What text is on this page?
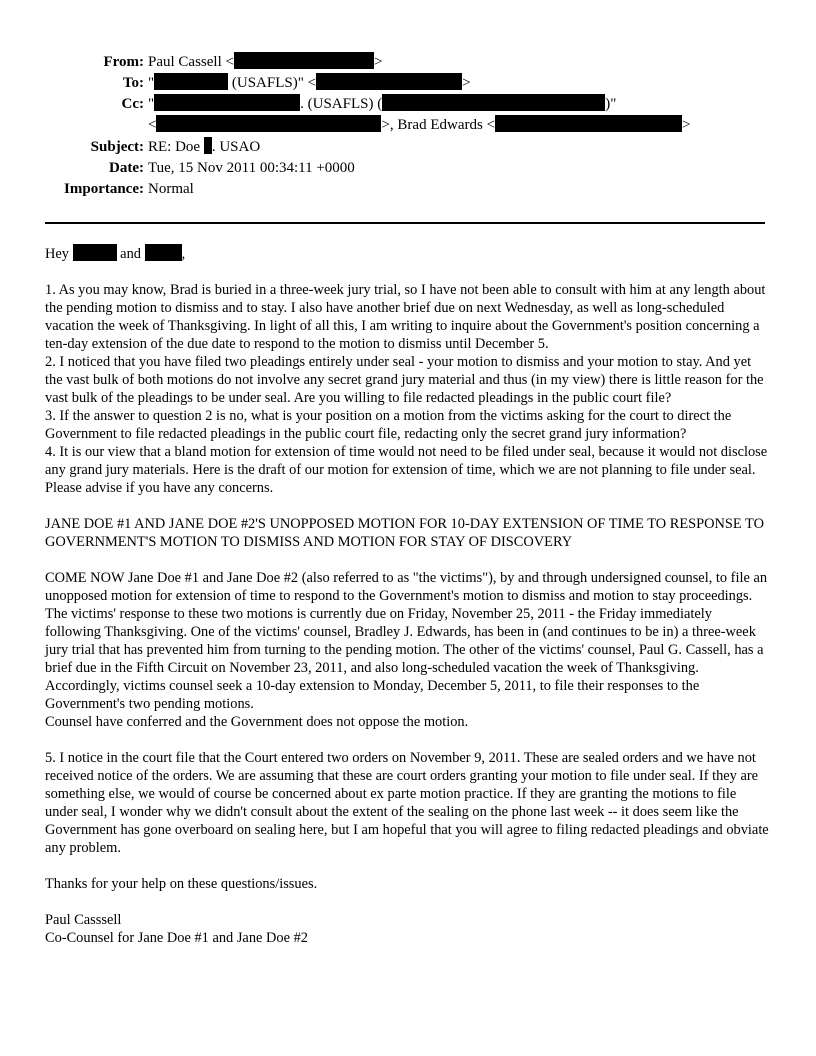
From: Paul Cassell <	>
To: "	(USAFLS)" <	>
Cc: "	. (USAFLS) (	)"
<	>, Brad Edwards <	>
Subject: RE: Doe . USAO
Date: Tue, 15 Nov 2011 00:34:11 +0000
Importance: Normal

Hey	and	,

1. As you may know, Brad is buried in a three-week jury trial, so I have not been able to consult with him at any length about the pending motion to dismiss and to stay. I also have another brief due on next Wednesday, as well as long-scheduled vacation the week of Thanksgiving. In light of all this, I am writing to inquire about the Government's position concerning a ten-day extension of the due date to respond to the motion to dismiss until December 5.

2. I noticed that you have filed two pleadings entirely under seal - your motion to dismiss and your motion to stay. And yet the vast bulk of both motions do not involve any secret grand jury material and thus (in my view) there is little reason for the vast bulk of the pleadings to be under seal. Are you willing to file redacted pleadings in the public court file?

3. If the answer to question 2 is no, what is your position on a motion from the victims asking for the court to direct the Government to file redacted pleadings in the public court file, redacting only the secret grand jury information?

4. It is our view that a bland motion for extension of time would not need to be filed under seal, because it would not disclose any grand jury materials. Here is the draft of our motion for extension of time, which we are not planning to file under seal. Please advise if you have any concerns.

JANE DOE #1 AND JANE DOE #2'S UNOPPOSED MOTION FOR 10-DAY EXTENSION OF TIME TO RESPONSE TO GOVERNMENT'S MOTION TO DISMISS AND MOTION FOR STAY OF DISCOVERY

COME NOW Jane Doe #1 and Jane Doe #2 (also referred to as "the victims"), by and through undersigned counsel, to file an unopposed motion for extension of time to respond to the Government's motion to dismiss and motion to stay proceedings.

The victims' response to these two motions is currently due on Friday, November 25, 2011 - the Friday immediately following Thanksgiving. One of the victims' counsel, Bradley J. Edwards, has been in (and continues to be in) a three-week jury trial that has prevented him from turning to the pending motion. The other of the victims' counsel, Paul G. Cassell, has a brief due in the Fifth Circuit on November 23, 2011, and also long-scheduled vacation the week of Thanksgiving. Accordingly, victims counsel seek a 10-day extension to Monday, December 5, 2011, to file their responses to the Government's two pending motions.

Counsel have conferred and the Government does not oppose the motion.

5. I notice in the court file that the Court entered two orders on November 9, 2011. These are sealed orders and we have not received notice of the orders. We are assuming that these are court orders granting your motion to file under seal. If they are something else, we would of course be concerned about ex parte motion practice. If they are granting the motions to file under seal, I wonder why we didn't consult about the extent of the sealing on the phone last week -- it does seem like the Government has gone overboard on sealing here, but I am hopeful that you will agree to filing redacted pleadings and obviate any problem.

Thanks for your help on these questions/issues.

Paul Casssell

Co-Counsel for Jane Doe #1 and Jane Doe #2
